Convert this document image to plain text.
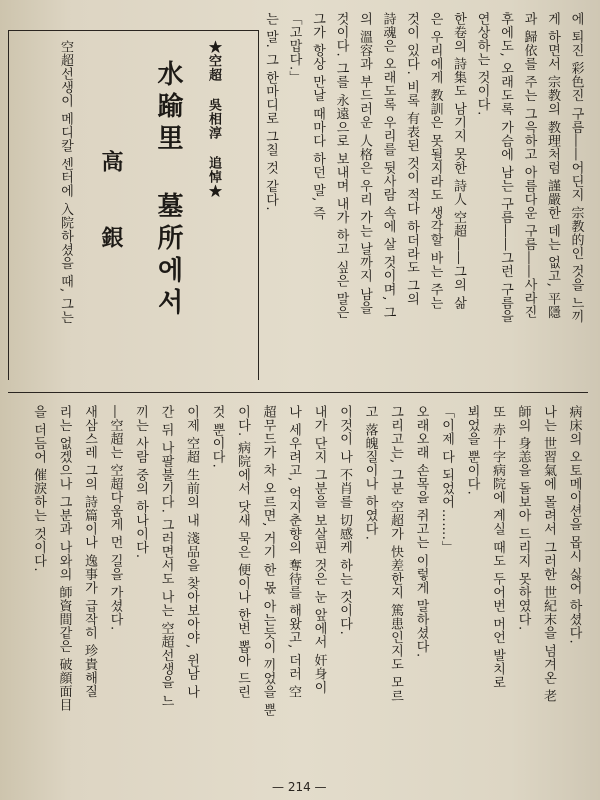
에 퇴진 彩色진 구름――어딘지 宗教的인 것을 느끼
게 하면서 宗教의 教理처럼 謹嚴한 데는 없고, 平隱
과 歸依를 주는 그윽하고 아름다운 구름――사라진
후에도, 오래도록 가슴에 남는 구름――그런 구름을
연상하는 것이다.
한卷의 詩集도 남기지 못한 詩人 空超――그의 삶
은 우리에게 教訓은 못될지라도 생각할 바는 주는
것이 있다. 비록 有表된 것이 적다 하더라도 그의
詩魂은 오래도록 우리를 뒷사람 속에 살 것이며, 그
의 溫容과 부드러운 人格은 우리 가는 날까지 남을
것이다. 그를 永遠으로 보내며 내가 하고 싶은 말은
그가 항상 만날 때마다 하던 말, 즉
「고맙다.」
는 말. 그 한마디로 그칠 것 같다.
★空超 吳相淳 追悼★
水踰里 墓所에서
高 銀
空超선생이 메디칼 센터에 入院하셨을 때, 그는
病床의 오토메이션을 몹시 싫어 하셨다.
나는 世習氣에 몰려서 그러한 世紀末을 넘겨온 老
師의 身恙을 돌보아 드리지 못하였다.
또 赤十字病院에 계실 때도 두어번 머언 발치로
뵈었을 뿐이다.
「이제 다 되었어…….」
오래오래 손목을 쥐고는 이렇게 말하셨다.
그리고는, 그분 空超가 快差한지 篤患인지도 모르
고 落魄질이나 하였다.
이것이 나 不肖를 切感케 하는 것이다.
내가 단지 그분을 보살핀 것은 눈 앞에서 奸身이
나 세우려고, 억지춘향의 奪待를 해왔고, 더러 空
超무드가 차 오르면, 거기 한 몫 아는듯이 끼었을 뿐
이다. 病院에서 닷새 묵은 便이나 한번 뽑아 드린
것 뿐이다.
이제 空超 生前의 내 淺品을 찾아보아야, 윈남 나
간 뒤 나팔불기다. 그러면서도 나는 空超선생을 느
끼는 사람 중의 하나이다.
―空超는 空超다움게 먼 길을 가셨다.
새삼스레 그의 詩篇이나 逸事가 급작히 珍貴해질
리는 없겠으나 그분과 나와의 師資間같은 破顔面目
을 더듬어 催淚하는 것이다.
— 214 —
